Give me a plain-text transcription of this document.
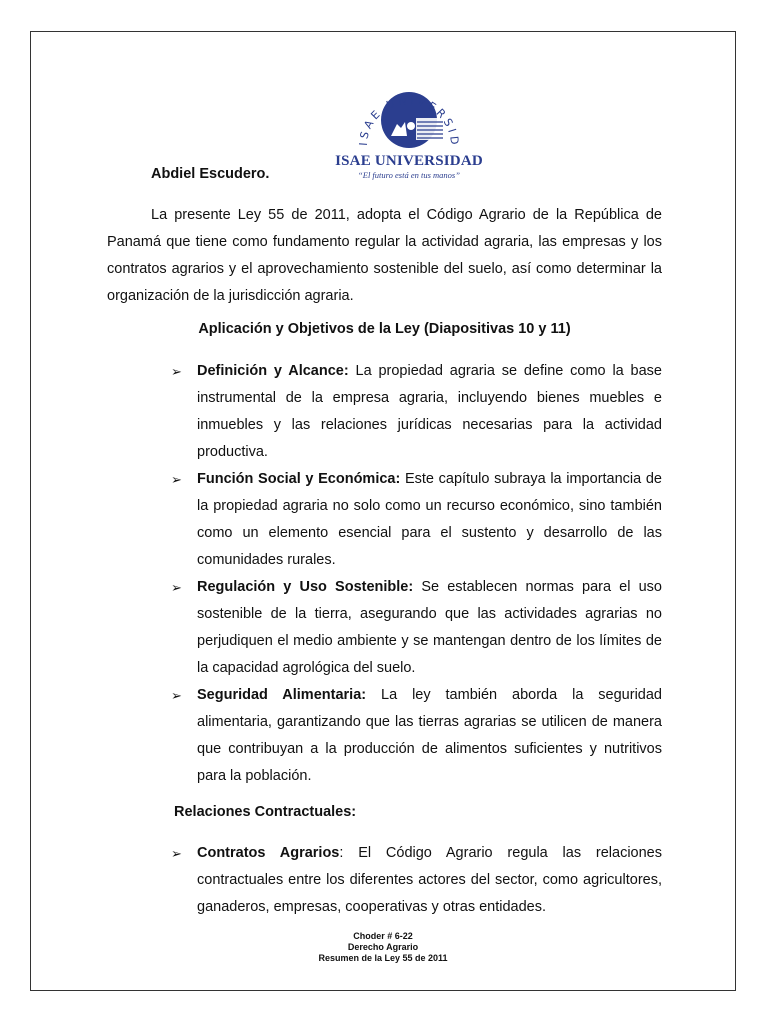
ISAE UNIVERSID
ISAE UNIVERSIDAD
“El futuro está en tus manos”
Abdiel Escudero.

La presente Ley 55 de 2011, adopta el Código Agrario de la República de Panamá que tiene como fundamento regular la actividad agraria, las empresas y los contratos agrarios y el aprovechamiento sostenible del suelo, así como determinar la organización de la jurisdicción agraria.

Aplicación y Objetivos de la Ley (Diapositivas 10 y 11)
➢ Definición y Alcance: La propiedad agraria se define como la base instrumental de la empresa agraria, incluyendo bienes muebles e inmuebles y las relaciones jurídicas necesarias para la actividad productiva.
➢ Función Social y Económica: Este capítulo subraya la importancia de la propiedad agraria no solo como un recurso económico, sino también como un elemento esencial para el sustento y desarrollo de las comunidades rurales.
➢ Regulación y Uso Sostenible: Se establecen normas para el uso sostenible de la tierra, asegurando que las actividades agrarias no perjudiquen el medio ambiente y se mantengan dentro de los límites de la capacidad agrológica del suelo.
➢ Seguridad Alimentaria: La ley también aborda la seguridad alimentaria, garantizando que las tierras agrarias se utilicen de manera que contribuyan a la producción de alimentos suficientes y nutritivos para la población.
Relaciones Contractuales:
➢ Contratos Agrarios: El Código Agrario regula las relaciones contractuales entre los diferentes actores del sector, como agricultores, ganaderos, empresas, cooperativas y otras entidades.
Choder # 6-22
Derecho Agrario
Resumen de la Ley 55 de 2011
